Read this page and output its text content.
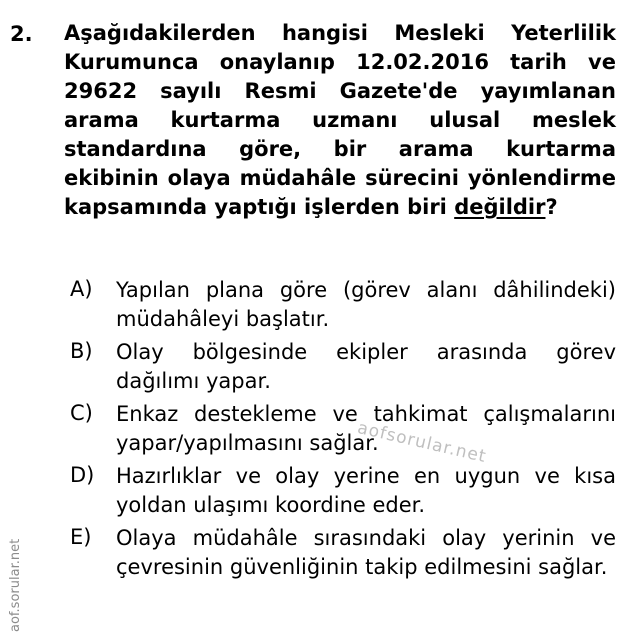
2. Aşağıdakilerden hangisi Mesleki Yeterlilik Kurumunca onaylanıp 12.02.2016 tarih ve 29622 sayılı Resmi Gazete'de yayımlanan arama kurtarma uzmanı ulusal meslek standardına göre, bir arama kurtarma ekibinin olaya müdahâle sürecini yönlendirme kapsamında yaptığı işlerden biri değildir?
A) Yapılan plana göre (görev alanı dâhilindeki) müdahâleyi başlatır.
B) Olay bölgesinde ekipler arasında görev dağılımı yapar.
C) Enkaz destekleme ve tahkimat çalışmalarını yapar/yapılmasını sağlar.
D) Hazırlıklar ve olay yerine en uygun ve kısa yoldan ulaşımı koordine eder.
E) Olaya müdahâle sırasındaki olay yerinin ve çevresinin güvenliğinin takip edilmesini sağlar.
aofsorular.net
aof.sorular.net
